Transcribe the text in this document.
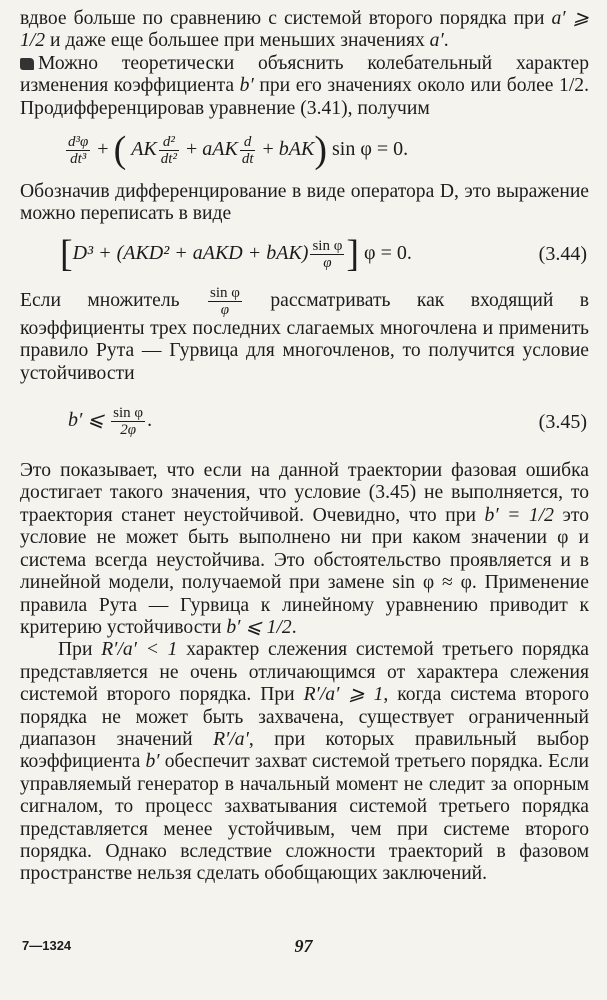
вдвое больше по сравнению с системой второго порядка при a′ ⩾ 1/2 и даже еще большее при меньших значениях a′.

Можно теоретически объяснить колебательный характер изменения коэффициента b′ при его значениях около или более 1/2. Продифференцировав уравнение (3.41), получим

$\frac{\text{d³φ}}{\text{dt³}}$ + ( AK $\frac{\text{d²}}{\text{dt²}}$ + aAK $\frac{d}{dt} + bAK$) sin φ = 0.

Обозначив дифференцирование в виде оператора D, это выражение можно переписать в виде

[D³ + (AKD² + aAKD + $bAK) \frac{\text{sin φ}}{\varphi}$ ] φ = 0.	(3.44)

Если множитель $\frac{\text{sin φ}}{\varphi}$ рассматривать как входящий в коэффициенты трех последних слагаемых многочлена и применить правило Рута — Гурвица для многочленов, то получится условие устойчивости

b′ ⩽ $\frac{\text{sin φ}}{2\varphi}$ .	(3.45)

Это показывает, что если на данной траектории фазовая ошибка достигает такого значения, что условие (3.45) не выполняется, то траектория станет неустойчивой. Очевидно, что при b′ = 1/2 это условие не может быть выполнено ни при каком значении φ и система всегда неустойчива. Это обстоятельство проявляется и в линейной модели, получаемой при замене sin φ ≈ φ. Применение правила Рута — Гурвица к линейному уравнению приводит к критерию устойчивости b′ ⩽ 1/2.

При R′/a′ < 1 характер слежения системой третьего порядка представляется не очень отличающимся от характера слежения системой второго порядка. При R′/a′ ⩾ 1, когда система второго порядка не может быть захвачена, существует ограниченный диапазон значений R′/a′, при которых правильный выбор коэффициента b′ обеспечит захват системой третьего порядка. Если управляемый генератор в начальный момент не следит за опорным сигналом, то процесс захватывания системой третьего порядка представляется менее устойчивым, чем при системе второго порядка. Однако вследствие сложности траекторий в фазовом пространстве нельзя сделать обобщающих заключений.

7—1324	97
